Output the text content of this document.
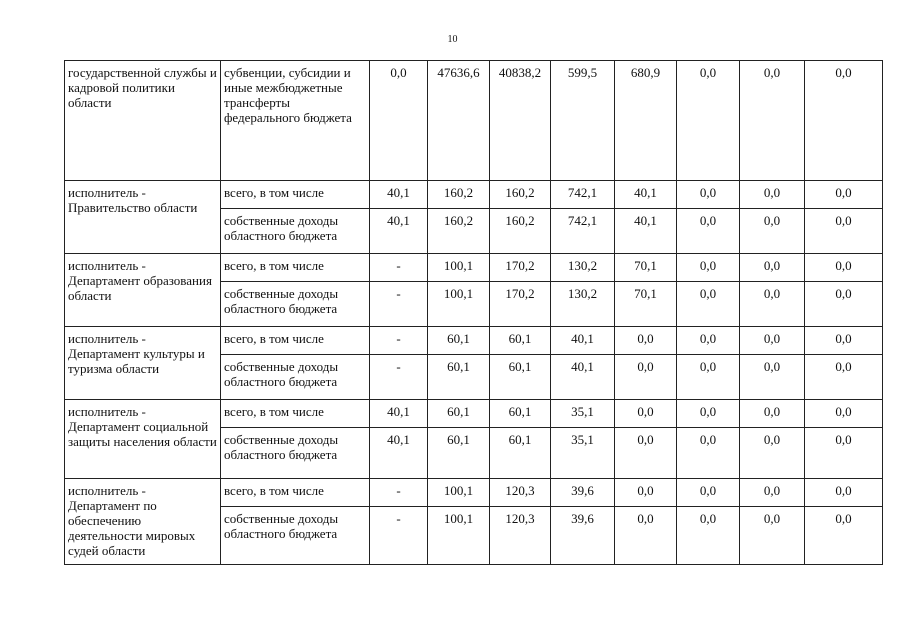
10
государственной службы и кадровой политики области	субвенции, субсидии и иные межбюджетные трансферты федерального бюджета	0,0	47636,6	40838,2	599,5	680,9	0,0	0,0	0,0
исполнитель - Правительство области	всего, в том числе	40,1	160,2	160,2	742,1	40,1	0,0	0,0	0,0
	собственные доходы областного бюджета	40,1	160,2	160,2	742,1	40,1	0,0	0,0	0,0
исполнитель - Департамент образования области	всего, в том числе	-	100,1	170,2	130,2	70,1	0,0	0,0	0,0
	собственные доходы областного бюджета	-	100,1	170,2	130,2	70,1	0,0	0,0	0,0
исполнитель - Департамент культуры и туризма области	всего, в том числе	-	60,1	60,1	40,1	0,0	0,0	0,0	0,0
	собственные доходы областного бюджета	-	60,1	60,1	40,1	0,0	0,0	0,0	0,0
исполнитель - Департамент социальной защиты населения области	всего, в том числе	40,1	60,1	60,1	35,1	0,0	0,0	0,0	0,0
	собственные доходы областного бюджета	40,1	60,1	60,1	35,1	0,0	0,0	0,0	0,0
исполнитель - Департамент по обеспечению деятельности мировых судей области	всего, в том числе	-	100,1	120,3	39,6	0,0	0,0	0,0	0,0
	собственные доходы областного бюджета	-	100,1	120,3	39,6	0,0	0,0	0,0	0,0
